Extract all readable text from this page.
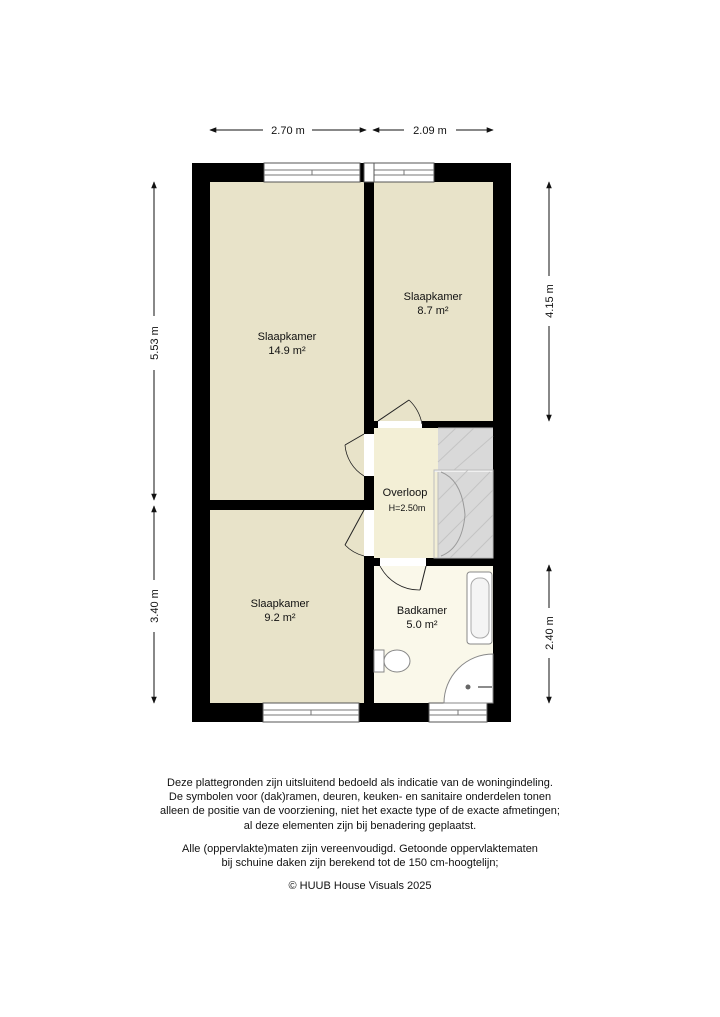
2.70 m	2.09 m
5.53 m
3.40 m
4.15 m
2.40 m
Slaapkamer
14.9 m²
Slaapkamer
8.7 m²
Slaapkamer
9.2 m²
Overloop
H=2.50m
Badkamer
5.0 m²

Deze plattegronden zijn uitsluitend bedoeld als indicatie van de woningindeling.
De symbolen voor (dak)ramen, deuren, keuken- en sanitaire onderdelen tonen
alleen de positie van de voorziening, niet het exacte type of de exacte afmetingen;
al deze elementen zijn bij benadering geplaatst.

Alle (oppervlakte)maten zijn vereenvoudigd. Getoonde oppervlaktematen
bij schuine daken zijn berekend tot de 150 cm-hoogtelijn;

© HUUB House Visuals 2025
